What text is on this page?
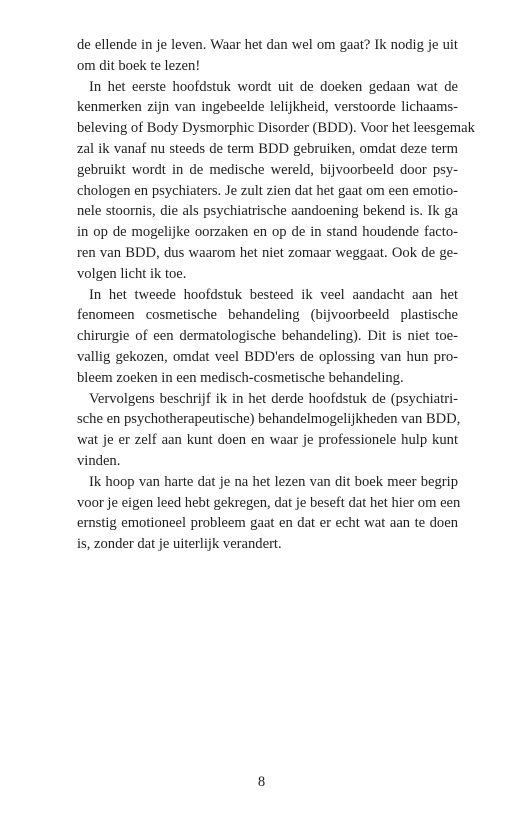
de ellende in je leven. Waar het dan wel om gaat? Ik nodig je uit
om dit boek te lezen!

In het eerste hoofdstuk wordt uit de doeken gedaan wat de
kenmerken zijn van ingebeelde lelijkheid, verstoorde lichaams-
beleving of Body Dysmorphic Disorder (BDD). Voor het leesgemak
zal ik vanaf nu steeds de term BDD gebruiken, omdat deze term
gebruikt wordt in de medische wereld, bijvoorbeeld door psy-
chologen en psychiaters. Je zult zien dat het gaat om een emotio-
nele stoornis, die als psychiatrische aandoening bekend is. Ik ga
in op de mogelijke oorzaken en op de in stand houdende facto-
ren van BDD, dus waarom het niet zomaar weggaat. Ook de ge-
volgen licht ik toe.

In het tweede hoofdstuk besteed ik veel aandacht aan het
fenomeen cosmetische behandeling (bijvoorbeeld plastische
chirurgie of een dermatologische behandeling). Dit is niet toe-
vallig gekozen, omdat veel BDD'ers de oplossing van hun pro-
bleem zoeken in een medisch-cosmetische behandeling.

Vervolgens beschrijf ik in het derde hoofdstuk de (psychiatri-
sche en psychotherapeutische) behandelmogelijkheden van BDD,
wat je er zelf aan kunt doen en waar je professionele hulp kunt
vinden.

Ik hoop van harte dat je na het lezen van dit boek meer begrip
voor je eigen leed hebt gekregen, dat je beseft dat het hier om een
ernstig emotioneel probleem gaat en dat er echt wat aan te doen
is, zonder dat je uiterlijk verandert.

8
